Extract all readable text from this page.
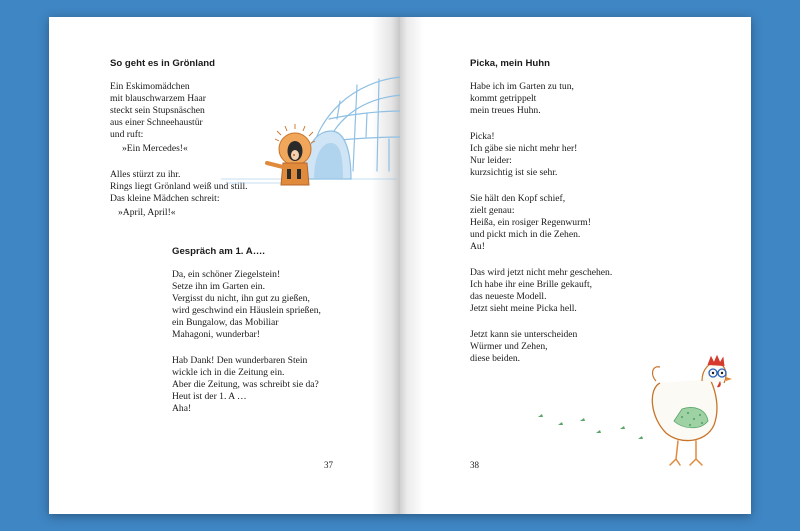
So geht es in Grönland
Ein Eskimomädchen
mit blauschwarzem Haar
steckt sein Stupsnäschen
aus einer Schneehaustür
und ruft:
»Ein Mercedes!«
Alles stürzt zu ihr.
Rings liegt Grönland weiß und still.
Das kleine Mädchen schreit:
»April, April!«
Gespräch am 1. A….
Da, ein schöner Ziegelstein!
Setze ihn im Garten ein.
Vergisst du nicht, ihn gut zu gießen,
wird geschwind ein Häuslein sprießen,
ein Bungalow, das Mobiliar
Mahagoni, wunderbar!
Hab Dank! Den wunderbaren Stein
wickle ich in die Zeitung ein.
Aber die Zeitung, was schreibt sie da?
Heut ist der 1. A …
Aha!
37
Picka, mein Huhn
Habe ich im Garten zu tun,
kommt getrippelt
mein treues Huhn.
Picka!
Ich gäbe sie nicht mehr her!
Nur leider:
kurzsichtig ist sie sehr.
Sie hält den Kopf schief,
zielt genau:
Heißa, ein rosiger Regenwurm!
und pickt mich in die Zehen.
Au!
Das wird jetzt nicht mehr geschehen.
Ich habe ihr eine Brille gekauft,
das neueste Modell.
Jetzt sieht meine Picka hell.
Jetzt kann sie unterscheiden
Würmer und Zehen,
diese beiden.
38
